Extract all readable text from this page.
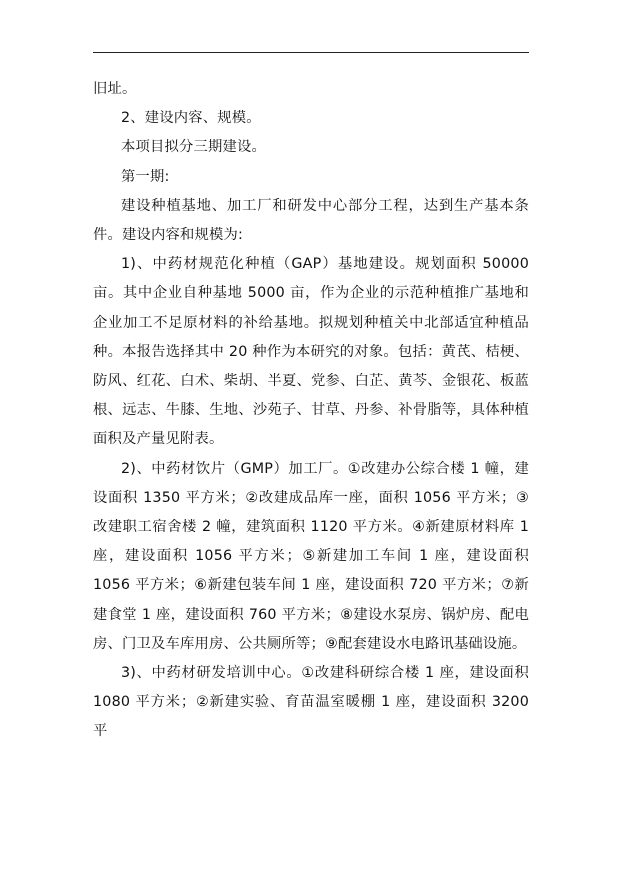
旧址。

2、建设内容、规模。

本项目拟分三期建设。

第一期:

建设种植基地、加工厂和研发中心部分工程，达到生产基本条件。建设内容和规模为:

1)、中药材规范化种植（GAP）基地建设。规划面积 50000 亩。其中企业自种基地 5000 亩，作为企业的示范种植推广基地和企业加工不足原材料的补给基地。拟规划种植关中北部适宜种植品种。本报告选择其中 20 种作为本研究的对象。包括：黄芪、桔梗、防风、红花、白术、柴胡、半夏、党参、白芷、黄芩、金银花、板蓝根、远志、牛膝、生地、沙苑子、甘草、丹参、补骨脂等，具体种植面积及产量见附表。

2)、中药材饮片（GMP）加工厂。①改建办公综合楼 1 幢，建设面积 1350 平方米；②改建成品库一座，面积 1056 平方米；③改建职工宿舍楼 2 幢，建筑面积 1120 平方米。④新建原材料库 1 座，建设面积 1056 平方米；⑤新建加工车间 1 座，建设面积 1056 平方米；⑥新建包装车间 1 座，建设面积 720 平方米；⑦新建食堂 1 座，建设面积 760 平方米；⑧建设水泵房、锅炉房、配电房、门卫及车库用房、公共厕所等；⑨配套建设水电路讯基础设施。

3)、中药材研发培训中心。①改建科研综合楼 1 座，建设面积 1080 平方米；②新建实验、育苗温室暖棚 1 座，建设面积 3200 平
